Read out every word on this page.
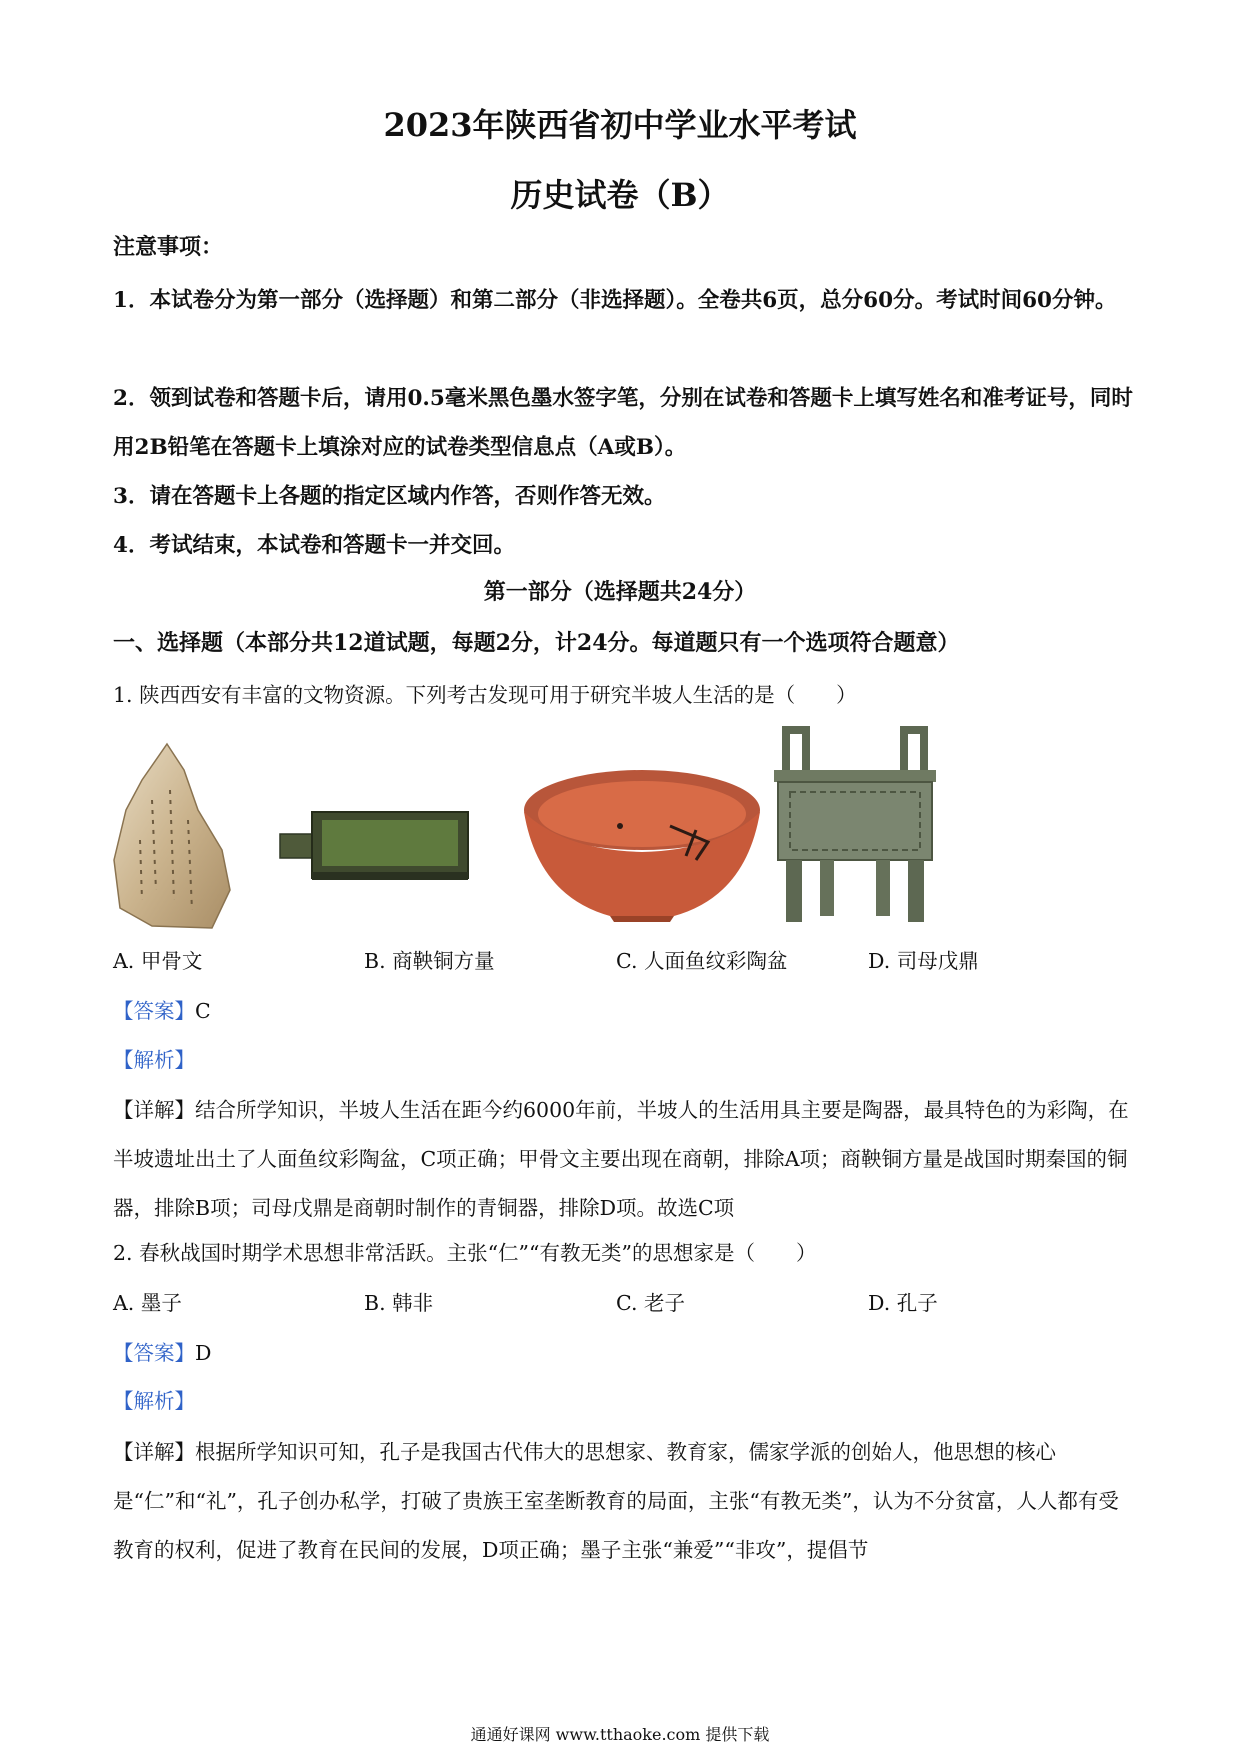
2023年陕西省初中学业水平考试
历史试卷（B）
注意事项：
1．本试卷分为第一部分（选择题）和第二部分（非选择题）。全卷共6页，总分60分。考试时间60分钟。
2．领到试卷和答题卡后，请用0.5毫米黑色墨水签字笔，分别在试卷和答题卡上填写姓名和准考证号，同时用2B铅笔在答题卡上填涂对应的试卷类型信息点（A或B）。
3．请在答题卡上各题的指定区域内作答，否则作答无效。
4．考试结束，本试卷和答题卡一并交回。
第一部分（选择题共24分）
一、选择题（本部分共12道试题，每题2分，计24分。每道题只有一个选项符合题意）
1. 陕西西安有丰富的文物资源。下列考古发现可用于研究半坡人生活的是（　　）
A. 甲骨文	B. 商鞅铜方量	C. 人面鱼纹彩陶盆	D. 司母戊鼎
【答案】C
【解析】
【详解】结合所学知识，半坡人生活在距今约6000年前，半坡人的生活用具主要是陶器，最具特色的为彩陶，在半坡遗址出土了人面鱼纹彩陶盆，C项正确；甲骨文主要出现在商朝，排除A项；商鞅铜方量是战国时期秦国的铜器，排除B项；司母戊鼎是商朝时制作的青铜器，排除D项。故选C项
2. 春秋战国时期学术思想非常活跃。主张“仁”“有教无类”的思想家是（　　）
A. 墨子	B. 韩非	C. 老子	D. 孔子
【答案】D
【解析】
【详解】根据所学知识可知，孔子是我国古代伟大的思想家、教育家，儒家学派的创始人，他思想的核心是“仁”和“礼”，孔子创办私学，打破了贵族王室垄断教育的局面，主张“有教无类”，认为不分贫富，人人都有受教育的权利，促进了教育在民间的发展，D项正确；墨子主张“兼爱”“非攻”，提倡节
通通好课网 www.tthaoke.com 提供下载
